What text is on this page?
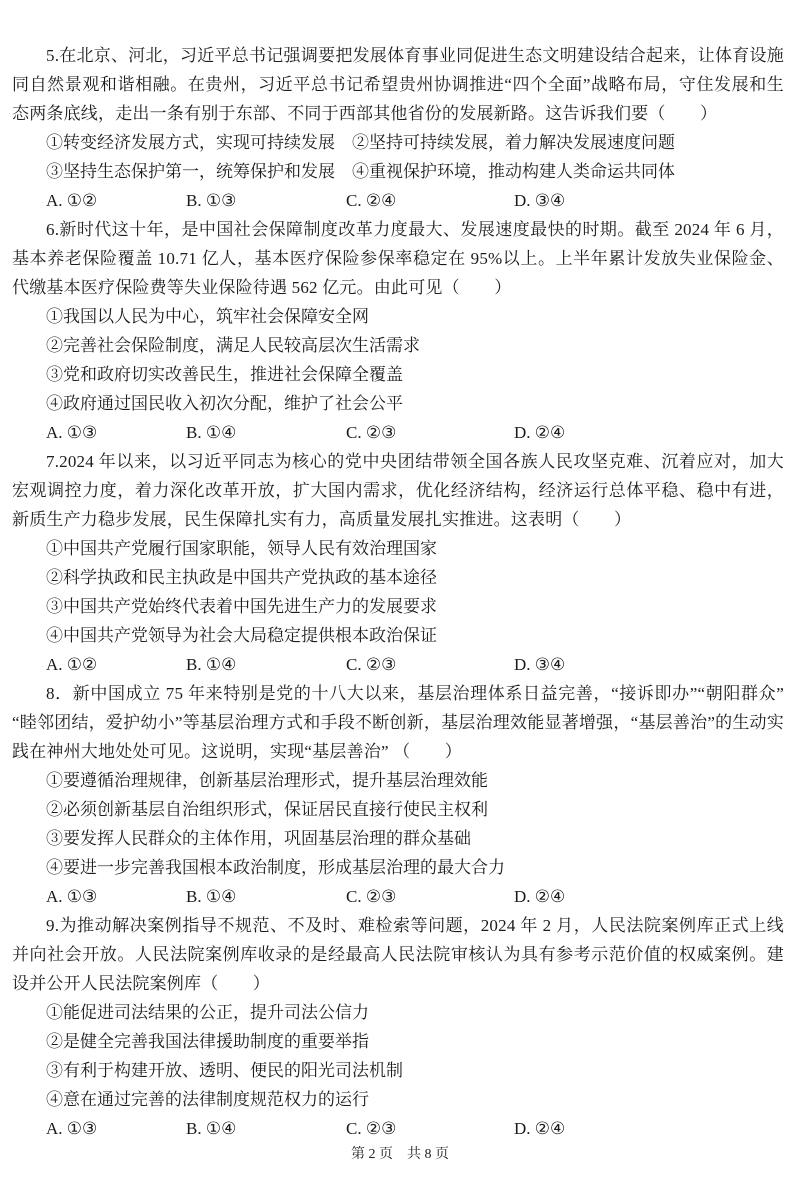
5.在北京、河北，习近平总书记强调要把发展体育事业同促进生态文明建设结合起来，让体育设施同自然景观和谐相融。在贵州，习近平总书记希望贵州协调推进“四个全面”战略布局，守住发展和生态两条底线，走出一条有别于东部、不同于西部其他省份的发展新路。这告诉我们要（　　）

①转变经济发展方式，实现可持续发展　②坚持可持续发展，着力解决发展速度问题

③坚持生态保护第一，统筹保护和发展　④重视保护环境，推动构建人类命运共同体

A. ①②	B. ①③	C. ②④	D. ③④

6.新时代这十年，是中国社会保障制度改革力度最大、发展速度最快的时期。截至 2024 年 6 月，基本养老保险覆盖 10.71 亿人，基本医疗保险参保率稳定在 95%以上。上半年累计发放失业保险金、代缴基本医疗保险费等失业保险待遇 562 亿元。由此可见（　　）

①我国以人民为中心，筑牢社会保障安全网

②完善社会保险制度，满足人民较高层次生活需求

③党和政府切实改善民生，推进社会保障全覆盖

④政府通过国民收入初次分配，维护了社会公平

A. ①③	B. ①④	C. ②③	D. ②④

7.2024 年以来，以习近平同志为核心的党中央团结带领全国各族人民攻坚克难、沉着应对，加大宏观调控力度，着力深化改革开放，扩大国内需求，优化经济结构，经济运行总体平稳、稳中有进，新质生产力稳步发展，民生保障扎实有力，高质量发展扎实推进。这表明（　　）

①中国共产党履行国家职能，领导人民有效治理国家

②科学执政和民主执政是中国共产党执政的基本途径

③中国共产党始终代表着中国先进生产力的发展要求

④中国共产党领导为社会大局稳定提供根本政治保证

A. ①②	B. ①④	C. ②③	D. ③④

8．新中国成立 75 年来特别是党的十八大以来，基层治理体系日益完善，“接诉即办”“朝阳群众”“睦邻团结，爱护幼小”等基层治理方式和手段不断创新，基层治理效能显著增强，“基层善治”的生动实践在神州大地处处可见。这说明，实现“基层善治” （　　）

①要遵循治理规律，创新基层治理形式，提升基层治理效能

②必须创新基层自治组织形式，保证居民直接行使民主权利

③要发挥人民群众的主体作用，巩固基层治理的群众基础

④要进一步完善我国根本政治制度，形成基层治理的最大合力

A. ①③	B. ①④	C. ②③	D. ②④

9.为推动解决案例指导不规范、不及时、难检索等问题，2024 年 2 月，人民法院案例库正式上线并向社会开放。人民法院案例库收录的是经最高人民法院审核认为具有参考示范价值的权威案例。建设并公开人民法院案例库（　　）

①能促进司法结果的公正，提升司法公信力

②是健全完善我国法律援助制度的重要举指

③有利于构建开放、透明、便民的阳光司法机制

④意在通过完善的法律制度规范权力的运行

A. ①③	B. ①④	C. ②③	D. ②④
第 2 页　共 8 页
